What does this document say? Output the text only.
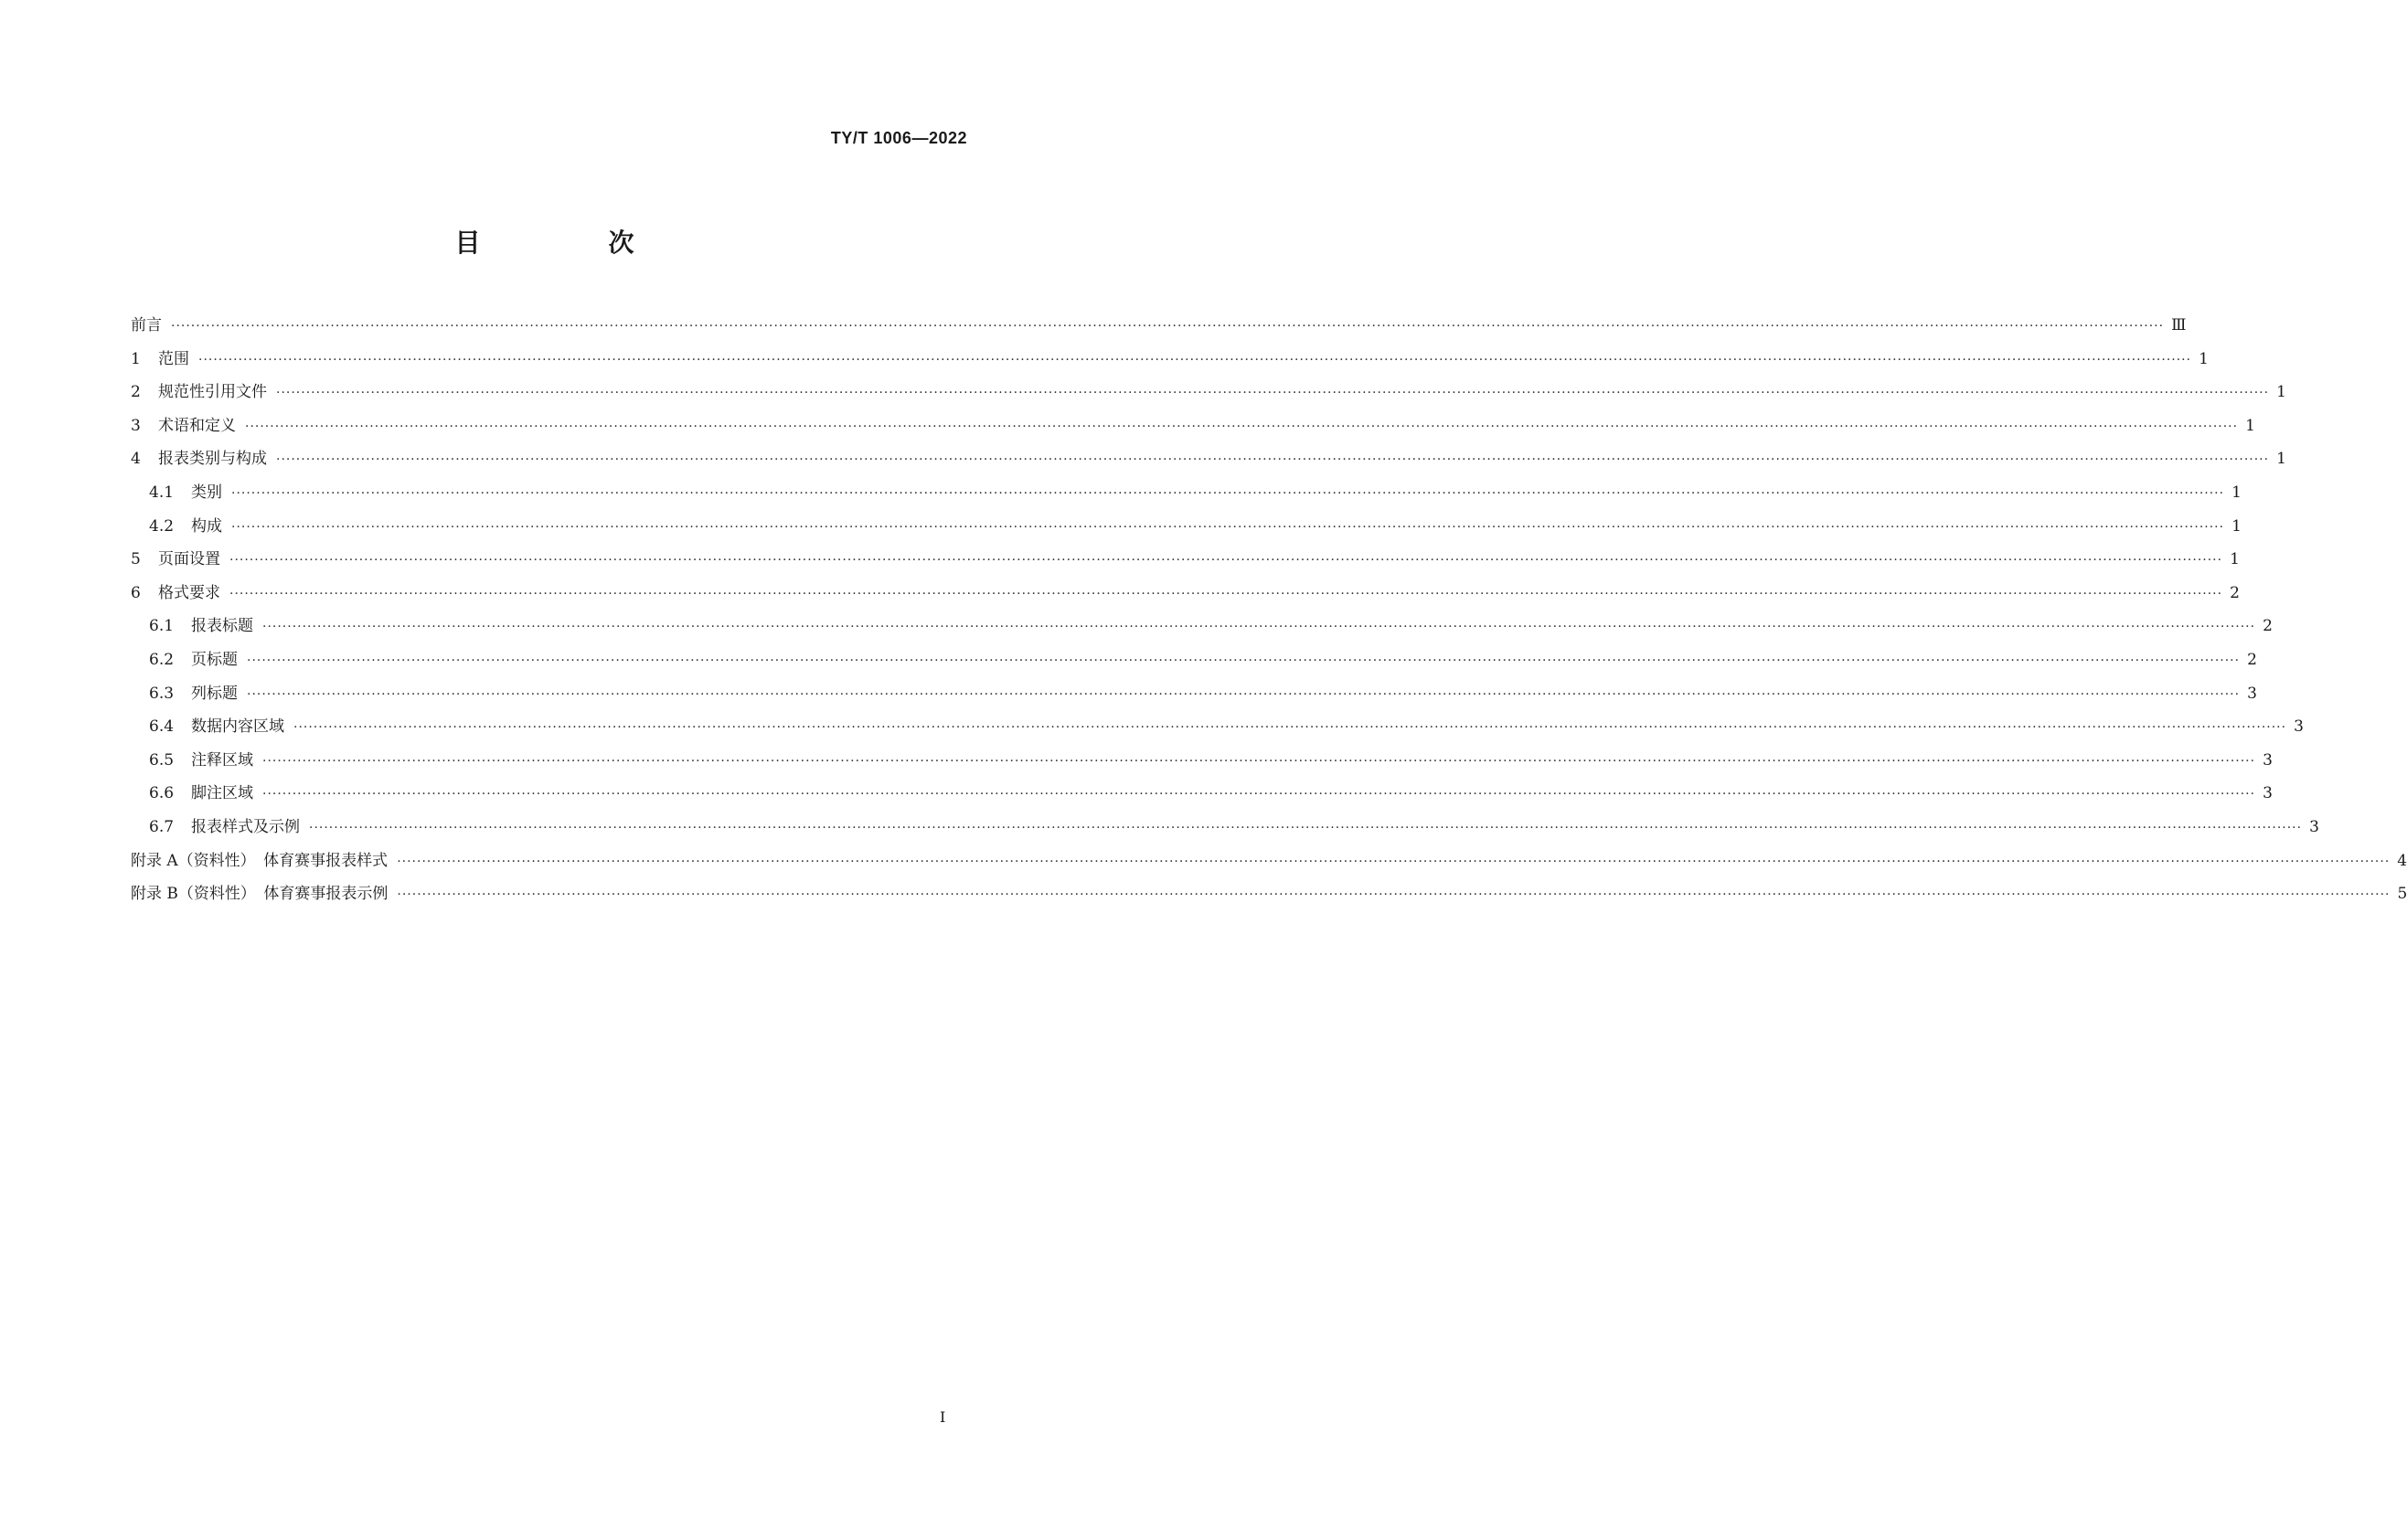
TY/T 1006—2022
目　次
前言 ················································································································································································································································································································································································································ Ⅲ
1 范围 ················································································································································································································································································································································································································ 1
2 规范性引用文件 ················································································································································································································································································································································································································ 1
3 术语和定义 ················································································································································································································································································································································································································ 1
4 报表类别与构成 ················································································································································································································································································································································································································ 1
4.1 类别 ················································································································································································································································································································································································································ 1
4.2 构成 ················································································································································································································································································································································································································ 1
5 页面设置 ················································································································································································································································································································································································································ 1
6 格式要求 ················································································································································································································································································································································································································ 2
6.1 报表标题 ················································································································································································································································································································································································································ 2
6.2 页标题 ················································································································································································································································································································································································································ 2
6.3 列标题 ················································································································································································································································································································································································································ 3
6.4 数据内容区域 ················································································································································································································································································································································································································ 3
6.5 注释区域 ················································································································································································································································································································································································································ 3
6.6 脚注区域 ················································································································································································································································································································································································································ 3
6.7 报表样式及示例 ················································································································································································································································································································································································································ 3
附录 A（资料性）　体育赛事报表样式 ················································································································································································································································································································································································································ 4
附录 B（资料性）　体育赛事报表示例 ················································································································································································································································································································································································································ 5
Ⅰ
